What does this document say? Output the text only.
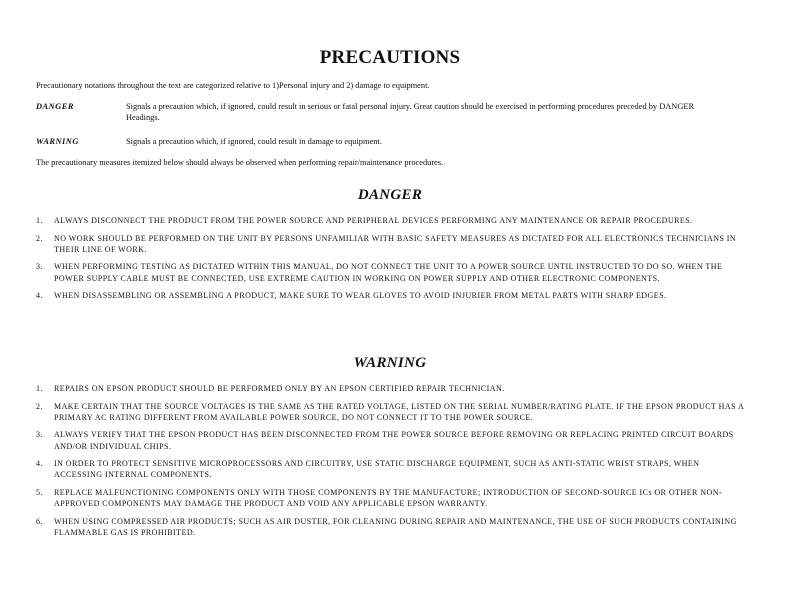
PRECAUTIONS
Precautionary notations throughout the text are categorized relative to 1)Personal injury and 2) damage to equipment.
DANGER	Signals a precaution which, if ignored, could result in serious or fatal personal injury. Great caution should be exercised in performing procedures preceded by DANGER Headings.
WARNING	Signals a precaution which, if ignored, could result in damage to equipment.
The precautionary measures itemized below should always be observed when performing repair/maintenance procedures.
DANGER
1. ALWAYS DISCONNECT THE PRODUCT FROM THE POWER SOURCE AND PERIPHERAL DEVICES PERFORMING ANY MAINTENANCE OR REPAIR PROCEDURES.
2. NO WORK SHOULD BE PERFORMED ON THE UNIT BY PERSONS UNFAMILIAR WITH BASIC SAFETY MEASURES AS DICTATED FOR ALL ELECTRONICS TECHNICIANS IN THEIR LINE OF WORK.
3. WHEN PERFORMING TESTING AS DICTATED WITHIN THIS MANUAL, DO NOT CONNECT THE UNIT TO A POWER SOURCE UNTIL INSTRUCTED TO DO SO. WHEN THE POWER SUPPLY CABLE MUST BE CONNECTED, USE EXTREME CAUTION IN WORKING ON POWER SUPPLY AND OTHER ELECTRONIC COMPONENTS.
4. WHEN DISASSEMBLING OR ASSEMBLING A PRODUCT, MAKE SURE TO WEAR GLOVES TO AVOID INJURIER FROM METAL PARTS WITH SHARP EDGES.
WARNING
1. REPAIRS ON EPSON PRODUCT SHOULD BE PERFORMED ONLY BY AN EPSON CERTIFIED REPAIR TECHNICIAN.
2. MAKE CERTAIN THAT THE SOURCE VOLTAGES IS THE SAME AS THE RATED VOLTAGE, LISTED ON THE SERIAL NUMBER/RATING PLATE. IF THE EPSON PRODUCT HAS A PRIMARY AC RATING DIFFERENT FROM AVAILABLE POWER SOURCE, DO NOT CONNECT IT TO THE POWER SOURCE.
3. ALWAYS VERIFY THAT THE EPSON PRODUCT HAS BEEN DISCONNECTED FROM THE POWER SOURCE BEFORE REMOVING OR REPLACING PRINTED CIRCUIT BOARDS AND/OR INDIVIDUAL CHIPS.
4. IN ORDER TO PROTECT SENSITIVE MICROPROCESSORS AND CIRCUITRY, USE STATIC DISCHARGE EQUIPMENT, SUCH AS ANTI-STATIC WRIST STRAPS, WHEN ACCESSING INTERNAL COMPONENTS.
5. REPLACE MALFUNCTIONING COMPONENTS ONLY WITH THOSE COMPONENTS BY THE MANUFACTURE; INTRODUCTION OF SECOND-SOURCE ICs OR OTHER NON-APPROVED COMPONENTS MAY DAMAGE THE PRODUCT AND VOID ANY APPLICABLE EPSON WARRANTY.
6. WHEN USING COMPRESSED AIR PRODUCTS; SUCH AS AIR DUSTER, FOR CLEANING DURING REPAIR AND MAINTENANCE, THE USE OF SUCH PRODUCTS CONTAINING FLAMMABLE GAS IS PROHIBITED.
